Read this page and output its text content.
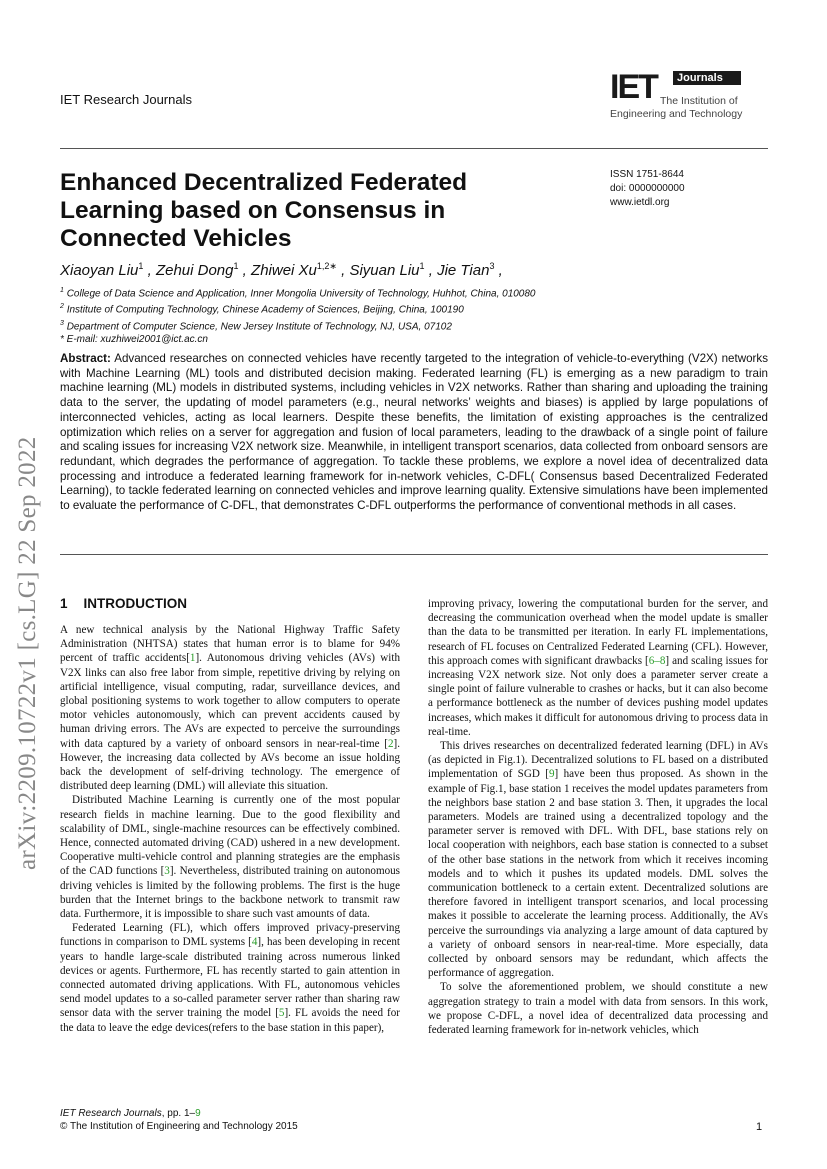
IET Research Journals	IET	Journals
The Institution of
Engineering and Technology
Enhanced Decentralized Federated Learning based on Consensus in Connected Vehicles
ISSN 1751-8644
doi: 0000000000
www.ietdl.org
Xiaoyan Liu$^1$ , Zehui Dong$^1$ , Zhiwei $Xu^{1,2∗}$ , Siyuan Liu$^1$ , Jie Tian$^3$ ,
$^1$ College of Data Science and Application, Inner Mongolia University of Technology, Huhhot, China, 010080
$^2$ Institute of Computing Technology, Chinese Academy of Sciences, Beijing, China, 100190
$^3$ Department of Computer Science, New Jersey Institute of Technology, NJ, USA, 07102
* E-mail: xuzhiwei2001@ict.ac.cn
Abstract: Advanced researches on connected vehicles have recently targeted to the integration of vehicle-to-everything (V2X) networks with Machine Learning (ML) tools and distributed decision making. Federated learning (FL) is emerging as a new paradigm to train machine learning (ML) models in distributed systems, including vehicles in V2X networks. Rather than sharing and uploading the training data to the server, the updating of model parameters (e.g., neural networks’ weights and biases) is applied by large populations of interconnected vehicles, acting as local learners. Despite these benefits, the limitation of existing approaches is the centralized optimization which relies on a server for aggregation and fusion of local parameters, leading to the drawback of a single point of failure and scaling issues for increasing V2X network size. Meanwhile, in intelligent transport scenarios, data collected from onboard sensors are redundant, which degrades the performance of aggregation. To tackle these problems, we explore a novel idea of decentralized data processing and introduce a federated learning framework for in-network vehicles, C-DFL( Consensus based Decentralized Federated Learning), to tackle federated learning on connected vehicles and improve learning quality. Extensive simulations have been implemented to evaluate the performance of C-DFL, that demonstrates C-DFL outperforms the performance of conventional methods in all cases.
arXiv:2209.10722v1 [cs.LG] 22 Sep 2022 1 INTRODUCTION

A new technical analysis by the National Highway Traffic Safety Administration (NHTSA) states that human error is to blame for 94% percent of traffic accidents[1]. Autonomous driving vehicles (AVs) with V2X links can also free labor from simple, repetitive driving by relying on artificial intelligence, visual computing, radar, surveillance devices, and global positioning systems to work together to allow computers to operate motor vehicles autonomously, which can prevent accidents caused by human driving errors. The AVs are expected to perceive the surroundings with data captured by a variety of onboard sensors in near-real-time [2]. However, the increasing data collected by AVs become an issue holding back the development of self-driving technology. The emergence of distributed deep learning (DML) will alleviate this situation.

Distributed Machine Learning is currently one of the most popular research fields in machine learning. Due to the good flexibility and scalability of DML, single-machine resources can be effectively combined. Hence, connected automated driving (CAD) ushered in a new development. Cooperative multi-vehicle control and planning strategies are the emphasis of the CAD functions [3]. Nevertheless, distributed training on autonomous driving vehicles is limited by the following problems. The first is the huge burden that the Internet brings to the backbone network to transmit raw data. Furthermore, it is impossible to share such vast amounts of data.

Federated Learning (FL), which offers improved privacy-preserving functions in comparison to DML systems [4], has been developing in recent years to handle large-scale distributed training across numerous linked devices or agents. Furthermore, FL has recently started to gain attention in connected automated driving applications. With FL, autonomous vehicles send model updates to a so-called parameter server rather than sharing raw sensor data with the server training the model [5]. FL avoids the need for the data to leave the edge devices(refers to the base station in this paper),

improving privacy, lowering the computational burden for the server, and decreasing the communication overhead when the model update is smaller than the data to be transmitted per iteration. In early FL implementations, research of FL focuses on Centralized Federated Learning (CFL). However, this approach comes with significant drawbacks [6–8] and scaling issues for increasing V2X network size. Not only does a parameter server create a single point of failure vulnerable to crashes or hacks, but it can also become a performance bottleneck as the number of devices pushing model updates increases, which makes it difficult for autonomous driving to process data in real-time.

This drives researches on decentralized federated learning (DFL) in AVs (as depicted in Fig.1). Decentralized solutions to FL based on a distributed implementation of SGD [9] have been thus proposed. As shown in the example of Fig.1, base station 1 receives the model updates parameters from the neighbors base station 2 and base station 3. Then, it upgrades the local parameters. Models are trained using a decentralized topology and the parameter server is removed with DFL. With DFL, base stations rely on local cooperation with neighbors, each base station is connected to a subset of the other base stations in the network from which it receives incoming models and to which it pushes its updated models. DML solves the communication bottleneck to a certain extent. Decentralized solutions are therefore favored in intelligent transport scenarios, and local processing makes it possible to accelerate the learning process. Additionally, the AVs perceive the surroundings via analyzing a large amount of data captured by a variety of onboard sensors in near-real-time. More especially, data collected by onboard sensors may be redundant, which affects the performance of aggregation.

To solve the aforementioned problem, we should constitute a new aggregation strategy to train a model with data from sensors. In this work, we propose C-DFL, a novel idea of decentralized data processing and federated learning framework for in-network vehicles, which

IET Research Journals, pp. 1–9
© The Institution of Engineering and Technology 2015	1
